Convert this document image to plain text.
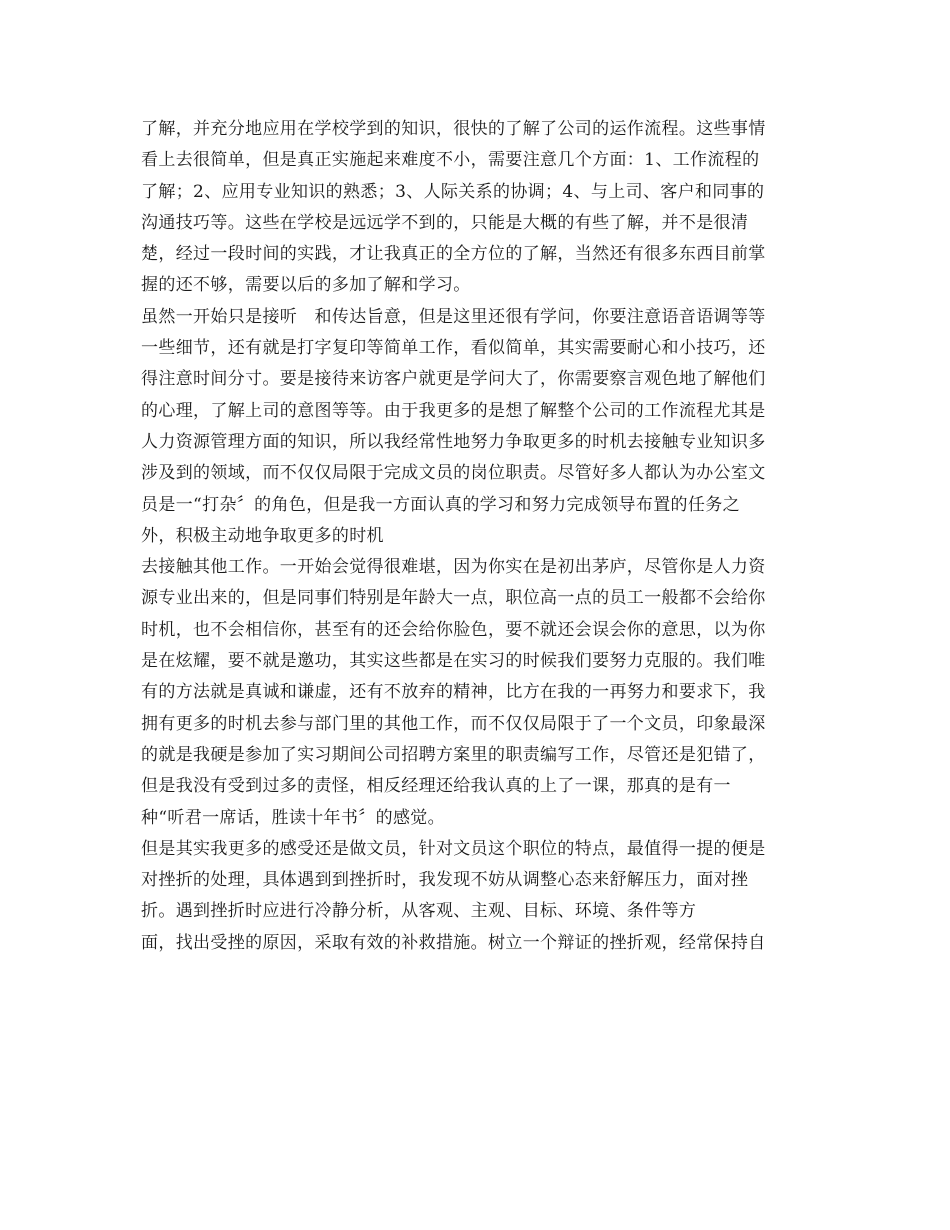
了解，并充分地应用在学校学到的知识，很快的了解了公司的运作流程。这些事情
看上去很简单，但是真正实施起来难度不小，需要注意几个方面：1、工作流程的
了解；2、应用专业知识的熟悉；3、人际关系的协调；4、与上司、客户和同事的
沟通技巧等。这些在学校是远远学不到的，只能是大概的有些了解，并不是很清
楚，经过一段时间的实践，才让我真正的全方位的了解，当然还有很多东西目前掌
握的还不够，需要以后的多加了解和学习。
虽然一开始只是接听　和传达旨意，但是这里还很有学问，你要注意语音语调等等
一些细节，还有就是打字复印等简单工作，看似简单，其实需要耐心和小技巧，还
得注意时间分寸。要是接待来访客户就更是学问大了，你需要察言观色地了解他们
的心理，了解上司的意图等等。由于我更多的是想了解整个公司的工作流程尤其是
人力资源管理方面的知识，所以我经常性地努力争取更多的时机去接触专业知识多
涉及到的领域，而不仅仅局限于完成文员的岗位职责。尽管好多人都认为办公室文
员是一“打杂〞的角色，但是我一方面认真的学习和努力完成领导布置的任务之
外，积极主动地争取更多的时机
去接触其他工作。一开始会觉得很难堪，因为你实在是初出茅庐，尽管你是人力资
源专业出来的，但是同事们特别是年龄大一点，职位高一点的员工一般都不会给你
时机，也不会相信你，甚至有的还会给你脸色，要不就还会误会你的意思，以为你
是在炫耀，要不就是邀功，其实这些都是在实习的时候我们要努力克服的。我们唯
有的方法就是真诚和谦虚，还有不放弃的精神，比方在我的一再努力和要求下，我
拥有更多的时机去参与部门里的其他工作，而不仅仅局限于了一个文员，印象最深
的就是我硬是参加了实习期间公司招聘方案里的职责编写工作，尽管还是犯错了，
但是我没有受到过多的责怪，相反经理还给我认真的上了一课，那真的是有一
种“听君一席话，胜读十年书〞的感觉。
但是其实我更多的感受还是做文员，针对文员这个职位的特点，最值得一提的便是
对挫折的处理，具体遇到到挫折时，我发现不妨从调整心态来舒解压力，面对挫
折。遇到挫折时应进行冷静分析，从客观、主观、目标、环境、条件等方
面，找出受挫的原因，采取有效的补救措施。树立一个辩证的挫折观，经常保持自
